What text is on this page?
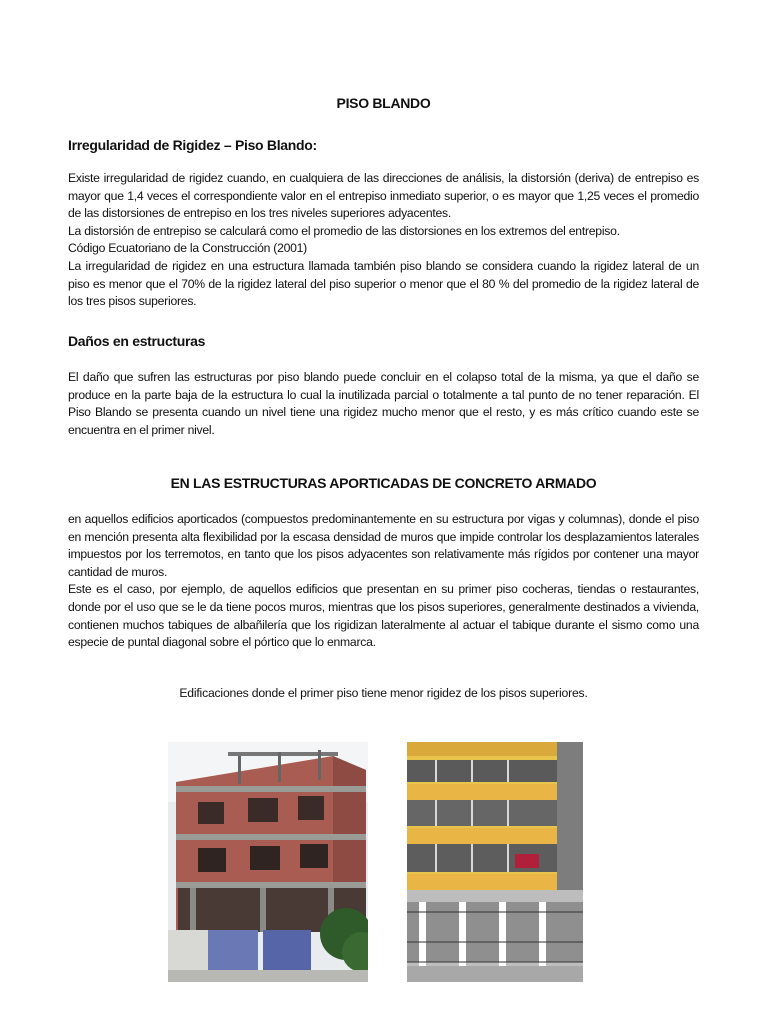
PISO BLANDO
Irregularidad de Rigidez – Piso Blando:
Existe irregularidad de rigidez cuando, en cualquiera de las direcciones de análisis, la distorsión (deriva) de entrepiso es mayor que 1,4 veces el correspondiente valor en el entrepiso inmediato superior, o es mayor que 1,25 veces el promedio de las distorsiones de entrepiso en los tres niveles superiores adyacentes.
La distorsión de entrepiso se calculará como el promedio de las distorsiones en los extremos del entrepiso.
Código Ecuatoriano de la Construcción (2001)
La irregularidad de rigidez en una estructura llamada también piso blando se considera cuando la rigidez lateral de un piso es menor que el 70% de la rigidez lateral del piso superior o menor que el 80 % del promedio de la rigidez lateral de los tres pisos superiores.
Daños en estructuras
El daño que sufren las estructuras por piso blando puede concluir en el colapso total de la misma, ya que el daño se produce en la parte baja de la estructura lo cual la inutilizada parcial o totalmente a tal punto de no tener reparación. El Piso Blando se presenta cuando un nivel tiene una rigidez mucho menor que el resto, y es más crítico cuando este se encuentra en el primer nivel.
EN LAS ESTRUCTURAS APORTICADAS DE CONCRETO ARMADO
en aquellos edificios aporticados (compuestos predominantemente en su estructura por vigas y columnas), donde el piso en mención presenta alta flexibilidad por la escasa densidad de muros que impide controlar los desplazamientos laterales impuestos por los terremotos, en tanto que los pisos adyacentes son relativamente más rígidos por contener una mayor cantidad de muros.
Este es el caso, por ejemplo, de aquellos edificios que presentan en su primer piso cocheras, tiendas o restaurantes, donde por el uso que se le da tiene pocos muros, mientras que los pisos superiores, generalmente destinados a vivienda, contienen muchos tabiques de albañilería que los rigidizan lateralmente al actuar el tabique durante el sismo como una especie de puntal diagonal sobre el pórtico que lo enmarca.
Edificaciones donde el primer piso tiene menor rigidez de los pisos superiores.
